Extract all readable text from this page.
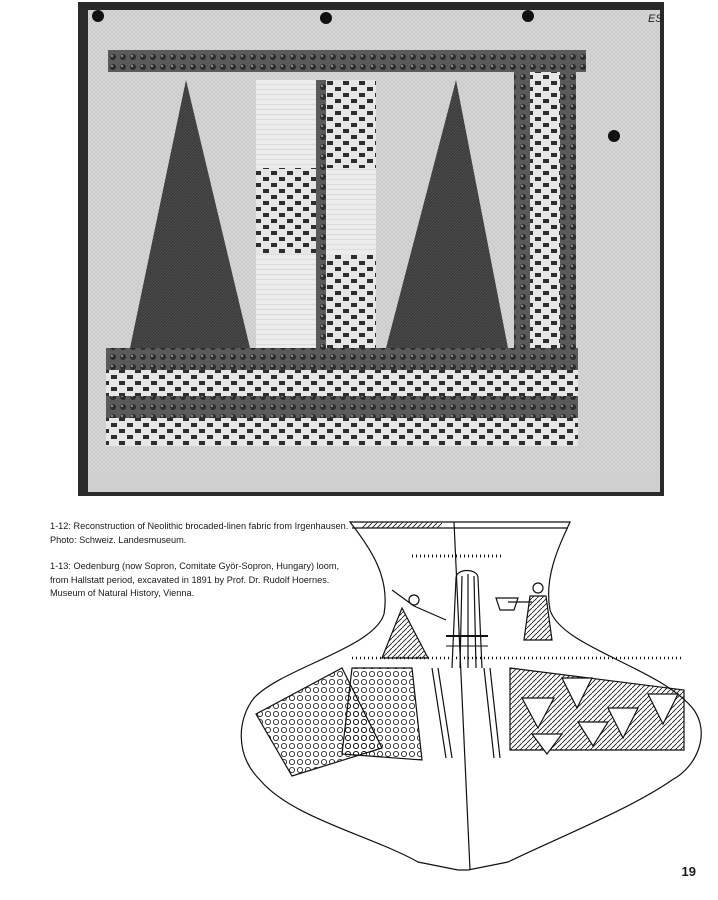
ES

1-12: Reconstruction of Neolithic brocaded-linen fabric from Irgenhausen. Photo: Schweiz. Landesmuseum.

1-13: Oedenburg (now Sopron, Comitate Györ-Sopron, Hungary) loom, from Hallstatt period, excavated in 1891 by Prof. Dr. Rudolf Hoernes. Museum of Natural History, Vienna.

19
